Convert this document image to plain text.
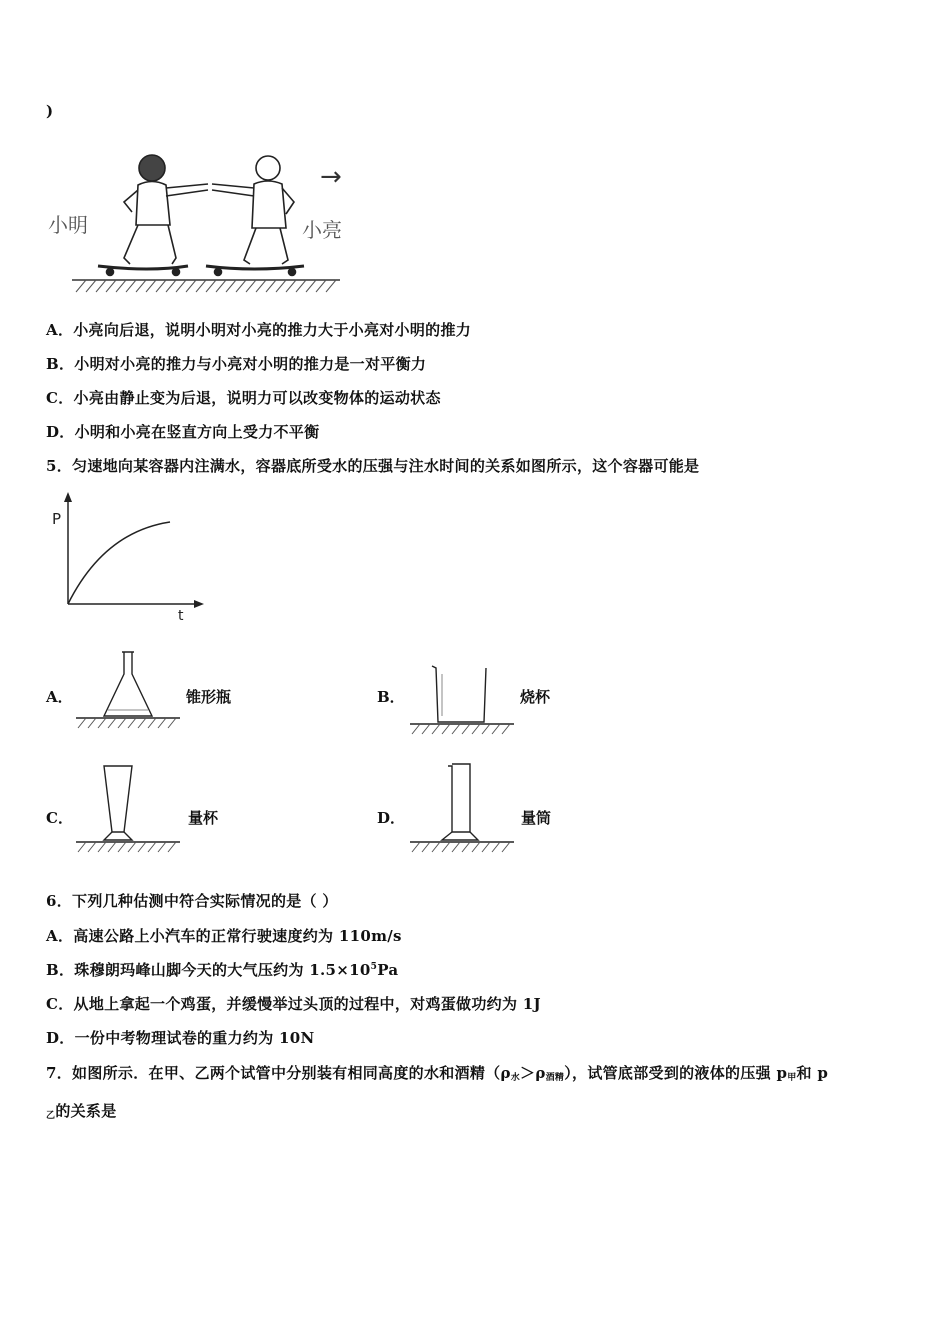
)
小明	小亮
→
A．小亮向后退，说明小明对小亮的推力大于小亮对小明的推力
B．小明对小亮的推力与小亮对小明的推力是一对平衡力
C．小亮由静止变为后退，说明力可以改变物体的运动状态
D．小明和小亮在竖直方向上受力不平衡
5．匀速地向某容器内注满水，容器底所受水的压强与注水时间的关系如图所示，这个容器可能是
P
t
A．	锥形瓶	B．	烧杯
C．	量杯	D．	量筒
6．下列几种估测中符合实际情况的是（ ）
A．高速公路上小汽车的正常行驶速度约为 110m/s
B．珠穆朗玛峰山脚今天的大气压约为 $1.5\times 10^5Pa$
C．从地上拿起一个鸡蛋，并缓慢举过头顶的过程中，对鸡蛋做功约为 1J
D．一份中考物理试卷的重力约为 10N
7．如图所示．在甲、乙两个试管中分别装有相同高度的水和酒精$(\rho_水>\rho_{酒精})$，试管底部受到的液体的压强 $p_甲$和 p
$_乙$的关系是
